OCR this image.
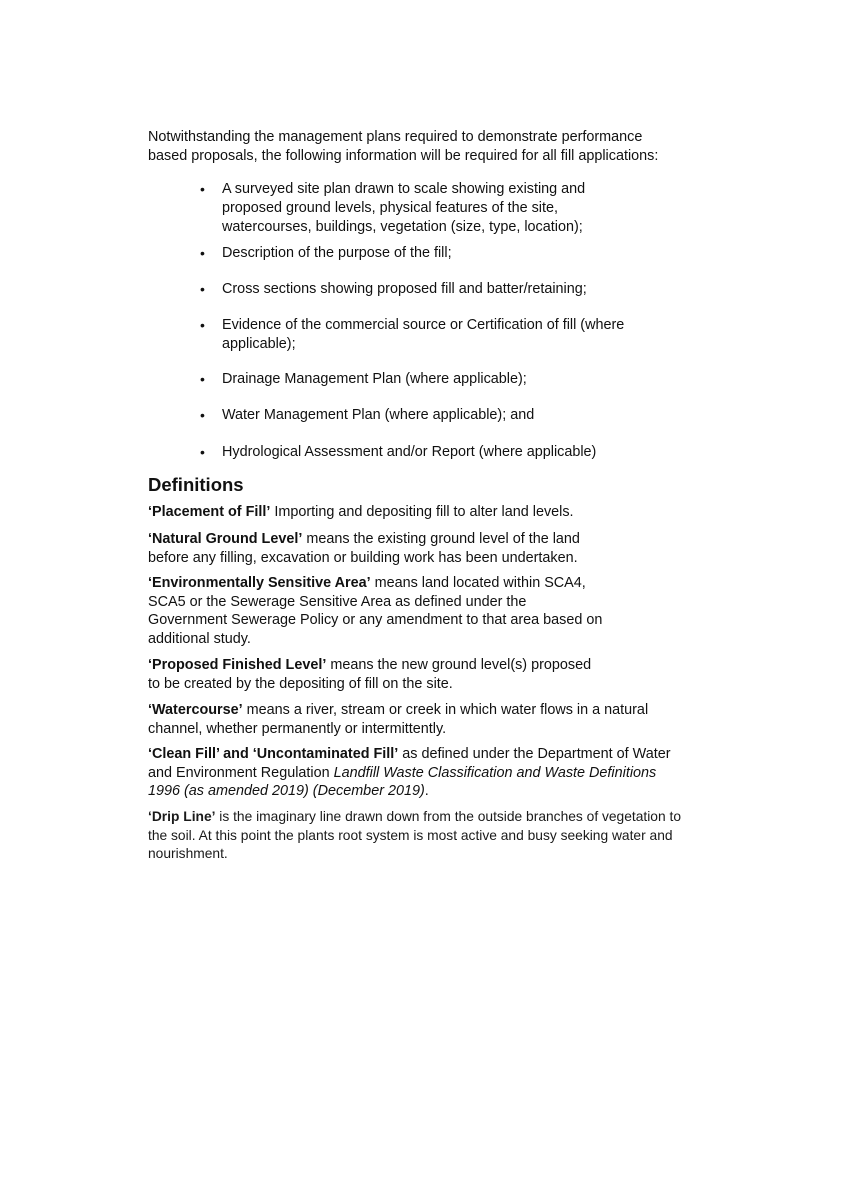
Notwithstanding the management plans required to demonstrate performance
based proposals, the following information will be required for all fill applications:

•	A surveyed site plan drawn to scale showing existing and
proposed ground levels, physical features of the site,
watercourses, buildings, vegetation (size, type, location);
•	Description of the purpose of the fill;
•	Cross sections showing proposed fill and batter/retaining;
•	Evidence of the commercial source or Certification of fill (where
applicable);
•	Drainage Management Plan (where applicable);
•	Water Management Plan (where applicable); and
•	Hydrological Assessment and/or Report (where applicable)
Definitions

‘Placement of Fill’ Importing and depositing fill to alter land levels.

‘Natural Ground Level’ means the existing ground level of the land
before any filling, excavation or building work has been undertaken.

‘Environmentally Sensitive Area’ means land located within SCA4,
SCA5 or the Sewerage Sensitive Area as defined under the
Government Sewerage Policy or any amendment to that area based on
additional study.

‘Proposed Finished Level’ means the new ground level(s) proposed
to be created by the depositing of fill on the site.

‘Watercourse’ means a river, stream or creek in which water flows in a natural
channel, whether permanently or intermittently.

‘Clean Fill’ and ‘Uncontaminated Fill’ as defined under the Department of Water
and Environment Regulation Landfill Waste Classification and Waste Definitions
1996 (as amended 2019) (December 2019).

‘Drip Line’ is the imaginary line drawn down from the outside branches of vegetation to
the soil. At this point the plants root system is most active and busy seeking water and
nourishment.
